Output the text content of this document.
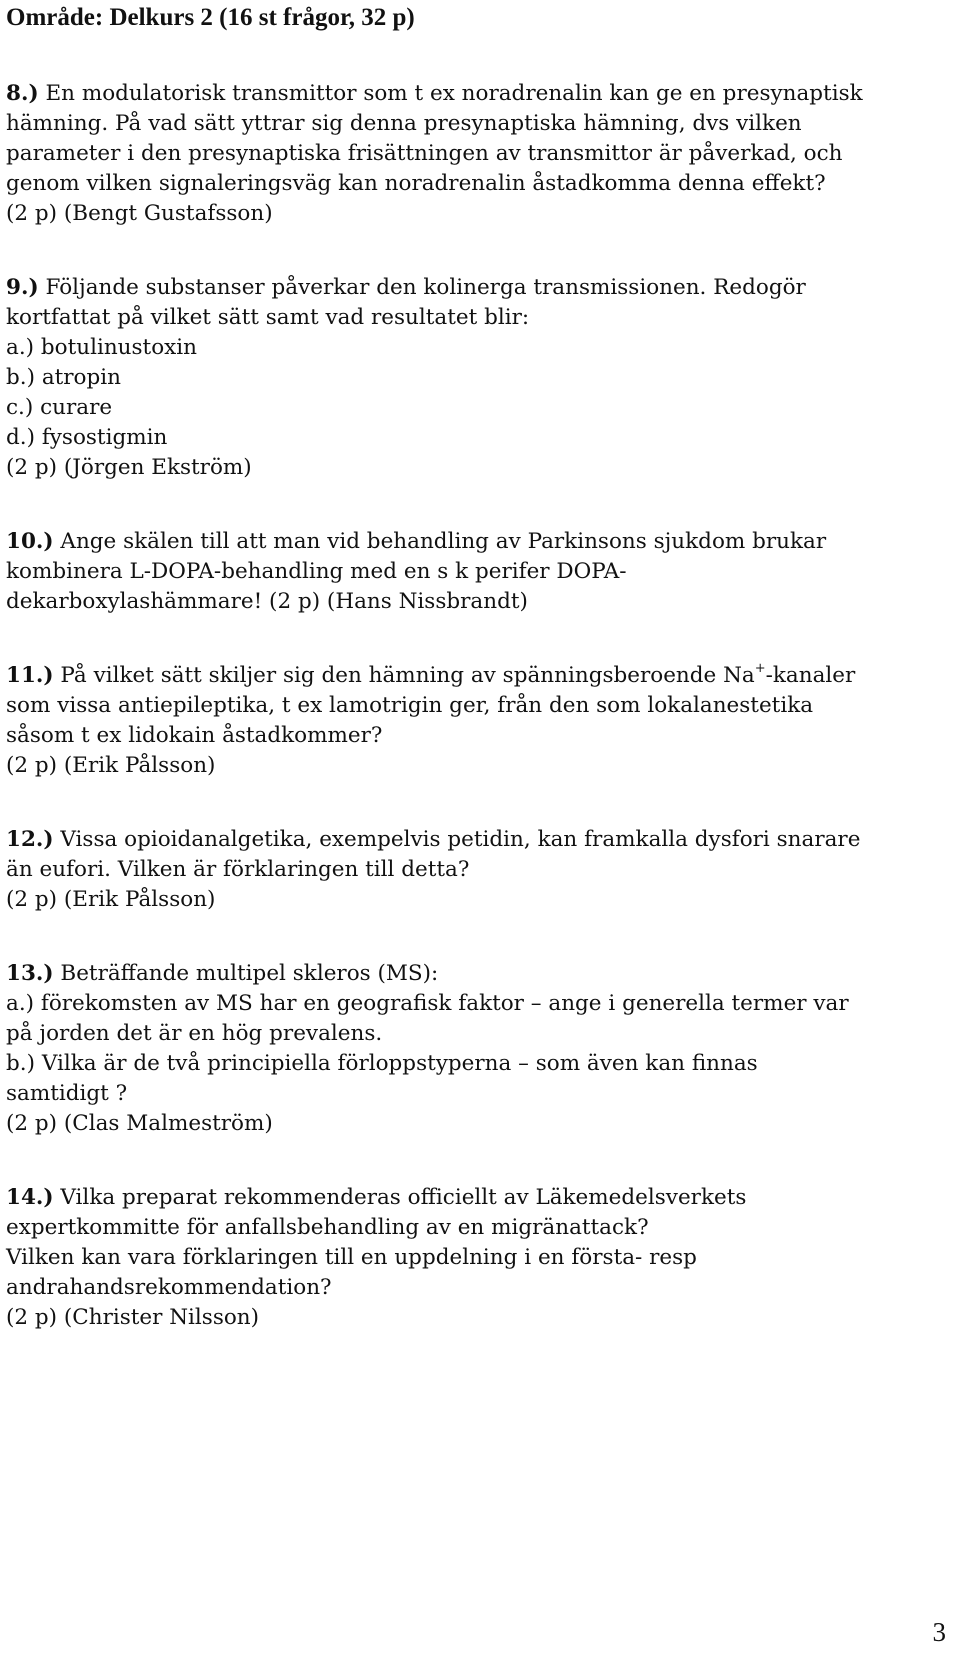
Område: Delkurs 2 (16 st frågor, 32 p)
8.) En modulatorisk transmittor som t ex noradrenalin kan ge en presynaptisk
hämning. På vad sätt yttrar sig denna presynaptiska hämning, dvs vilken
parameter i den presynaptiska frisättningen av transmittor är påverkad, och
genom vilken signaleringsväg kan noradrenalin åstadkomma denna effekt?
(2 p) (Bengt Gustafsson)
9.) Följande substanser påverkar den kolinerga transmissionen. Redogör
kortfattat på vilket sätt samt vad resultatet blir:
a.) botulinustoxin
b.) atropin
c.) curare
d.) fysostigmin
(2 p) (Jörgen Ekström)
10.) Ange skälen till att man vid behandling av Parkinsons sjukdom brukar
kombinera L-DOPA-behandling med en s k perifer DOPA-
dekarboxylashämmare! (2 p) (Hans Nissbrandt)
11.) På vilket sätt skiljer sig den hämning av spänningsberoende Na+-kanaler
som vissa antiepileptika, t ex lamotrigin ger, från den som lokalanestetika
såsom t ex lidokain åstadkommer?
(2 p) (Erik Pålsson)
12.) Vissa opioidanalgetika, exempelvis petidin, kan framkalla dysfori snarare
än eufori. Vilken är förklaringen till detta?
(2 p) (Erik Pålsson)
13.) Beträffande multipel skleros (MS):
a.) förekomsten av MS har en geografisk faktor – ange i generella termer var
på jorden det är en hög prevalens.
b.) Vilka är de två principiella förloppstyperna – som även kan finnas
samtidigt ?
(2 p) (Clas Malmeström)
14.) Vilka preparat rekommenderas officiellt av Läkemedelsverkets
expertkommitte för anfallsbehandling av en migränattack?
Vilken kan vara förklaringen till en uppdelning i en första- resp
andrahandsrekommendation?
(2 p) (Christer Nilsson)
3
